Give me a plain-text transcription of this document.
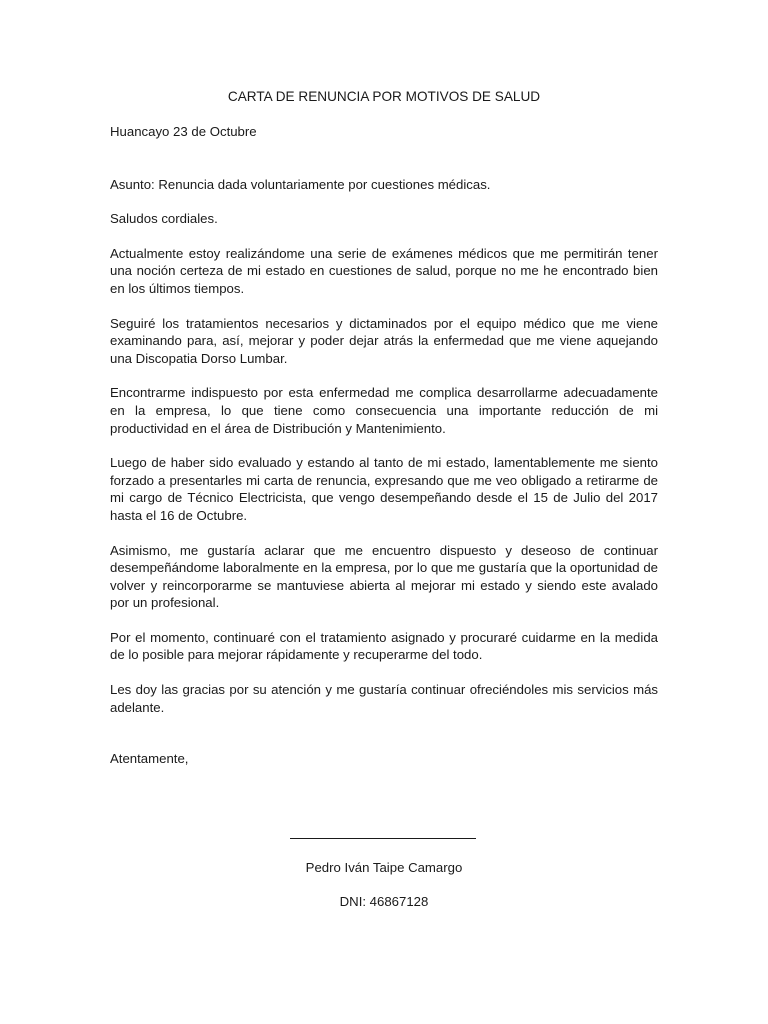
CARTA DE RENUNCIA POR MOTIVOS DE SALUD
Huancayo 23 de Octubre
Asunto: Renuncia dada voluntariamente por cuestiones médicas.
Saludos cordiales.
Actualmente estoy realizándome una serie de exámenes médicos que me permitirán tener una noción certeza de mi estado en cuestiones de salud, porque no me he encontrado bien en los últimos tiempos.
Seguiré los tratamientos necesarios y dictaminados por el equipo médico que me viene examinando para, así, mejorar y poder dejar atrás la enfermedad que me viene aquejando una Discopatia Dorso Lumbar.
Encontrarme indispuesto por esta enfermedad me complica desarrollarme adecuadamente en la empresa, lo que tiene como consecuencia una importante reducción de mi productividad en el área de Distribución y Mantenimiento.
Luego de haber sido evaluado y estando al tanto de mi estado, lamentablemente me siento forzado a presentarles mi carta de renuncia, expresando que me veo obligado a retirarme de mi cargo de Técnico Electricista, que vengo desempeñando desde el 15 de Julio del 2017 hasta el 16 de Octubre.
Asimismo, me gustaría aclarar que me encuentro dispuesto y deseoso de continuar desempeñándome laboralmente en la empresa, por lo que me gustaría que la oportunidad de volver y reincorporarme se mantuviese abierta al mejorar mi estado y siendo este avalado por un profesional.
Por el momento, continuaré con el tratamiento asignado y procuraré cuidarme en la medida de lo posible para mejorar rápidamente y recuperarme del todo.
Les doy las gracias por su atención y me gustaría continuar ofreciéndoles mis servicios más adelante.
Atentamente,
Pedro Iván Taipe Camargo
DNI: 46867128
